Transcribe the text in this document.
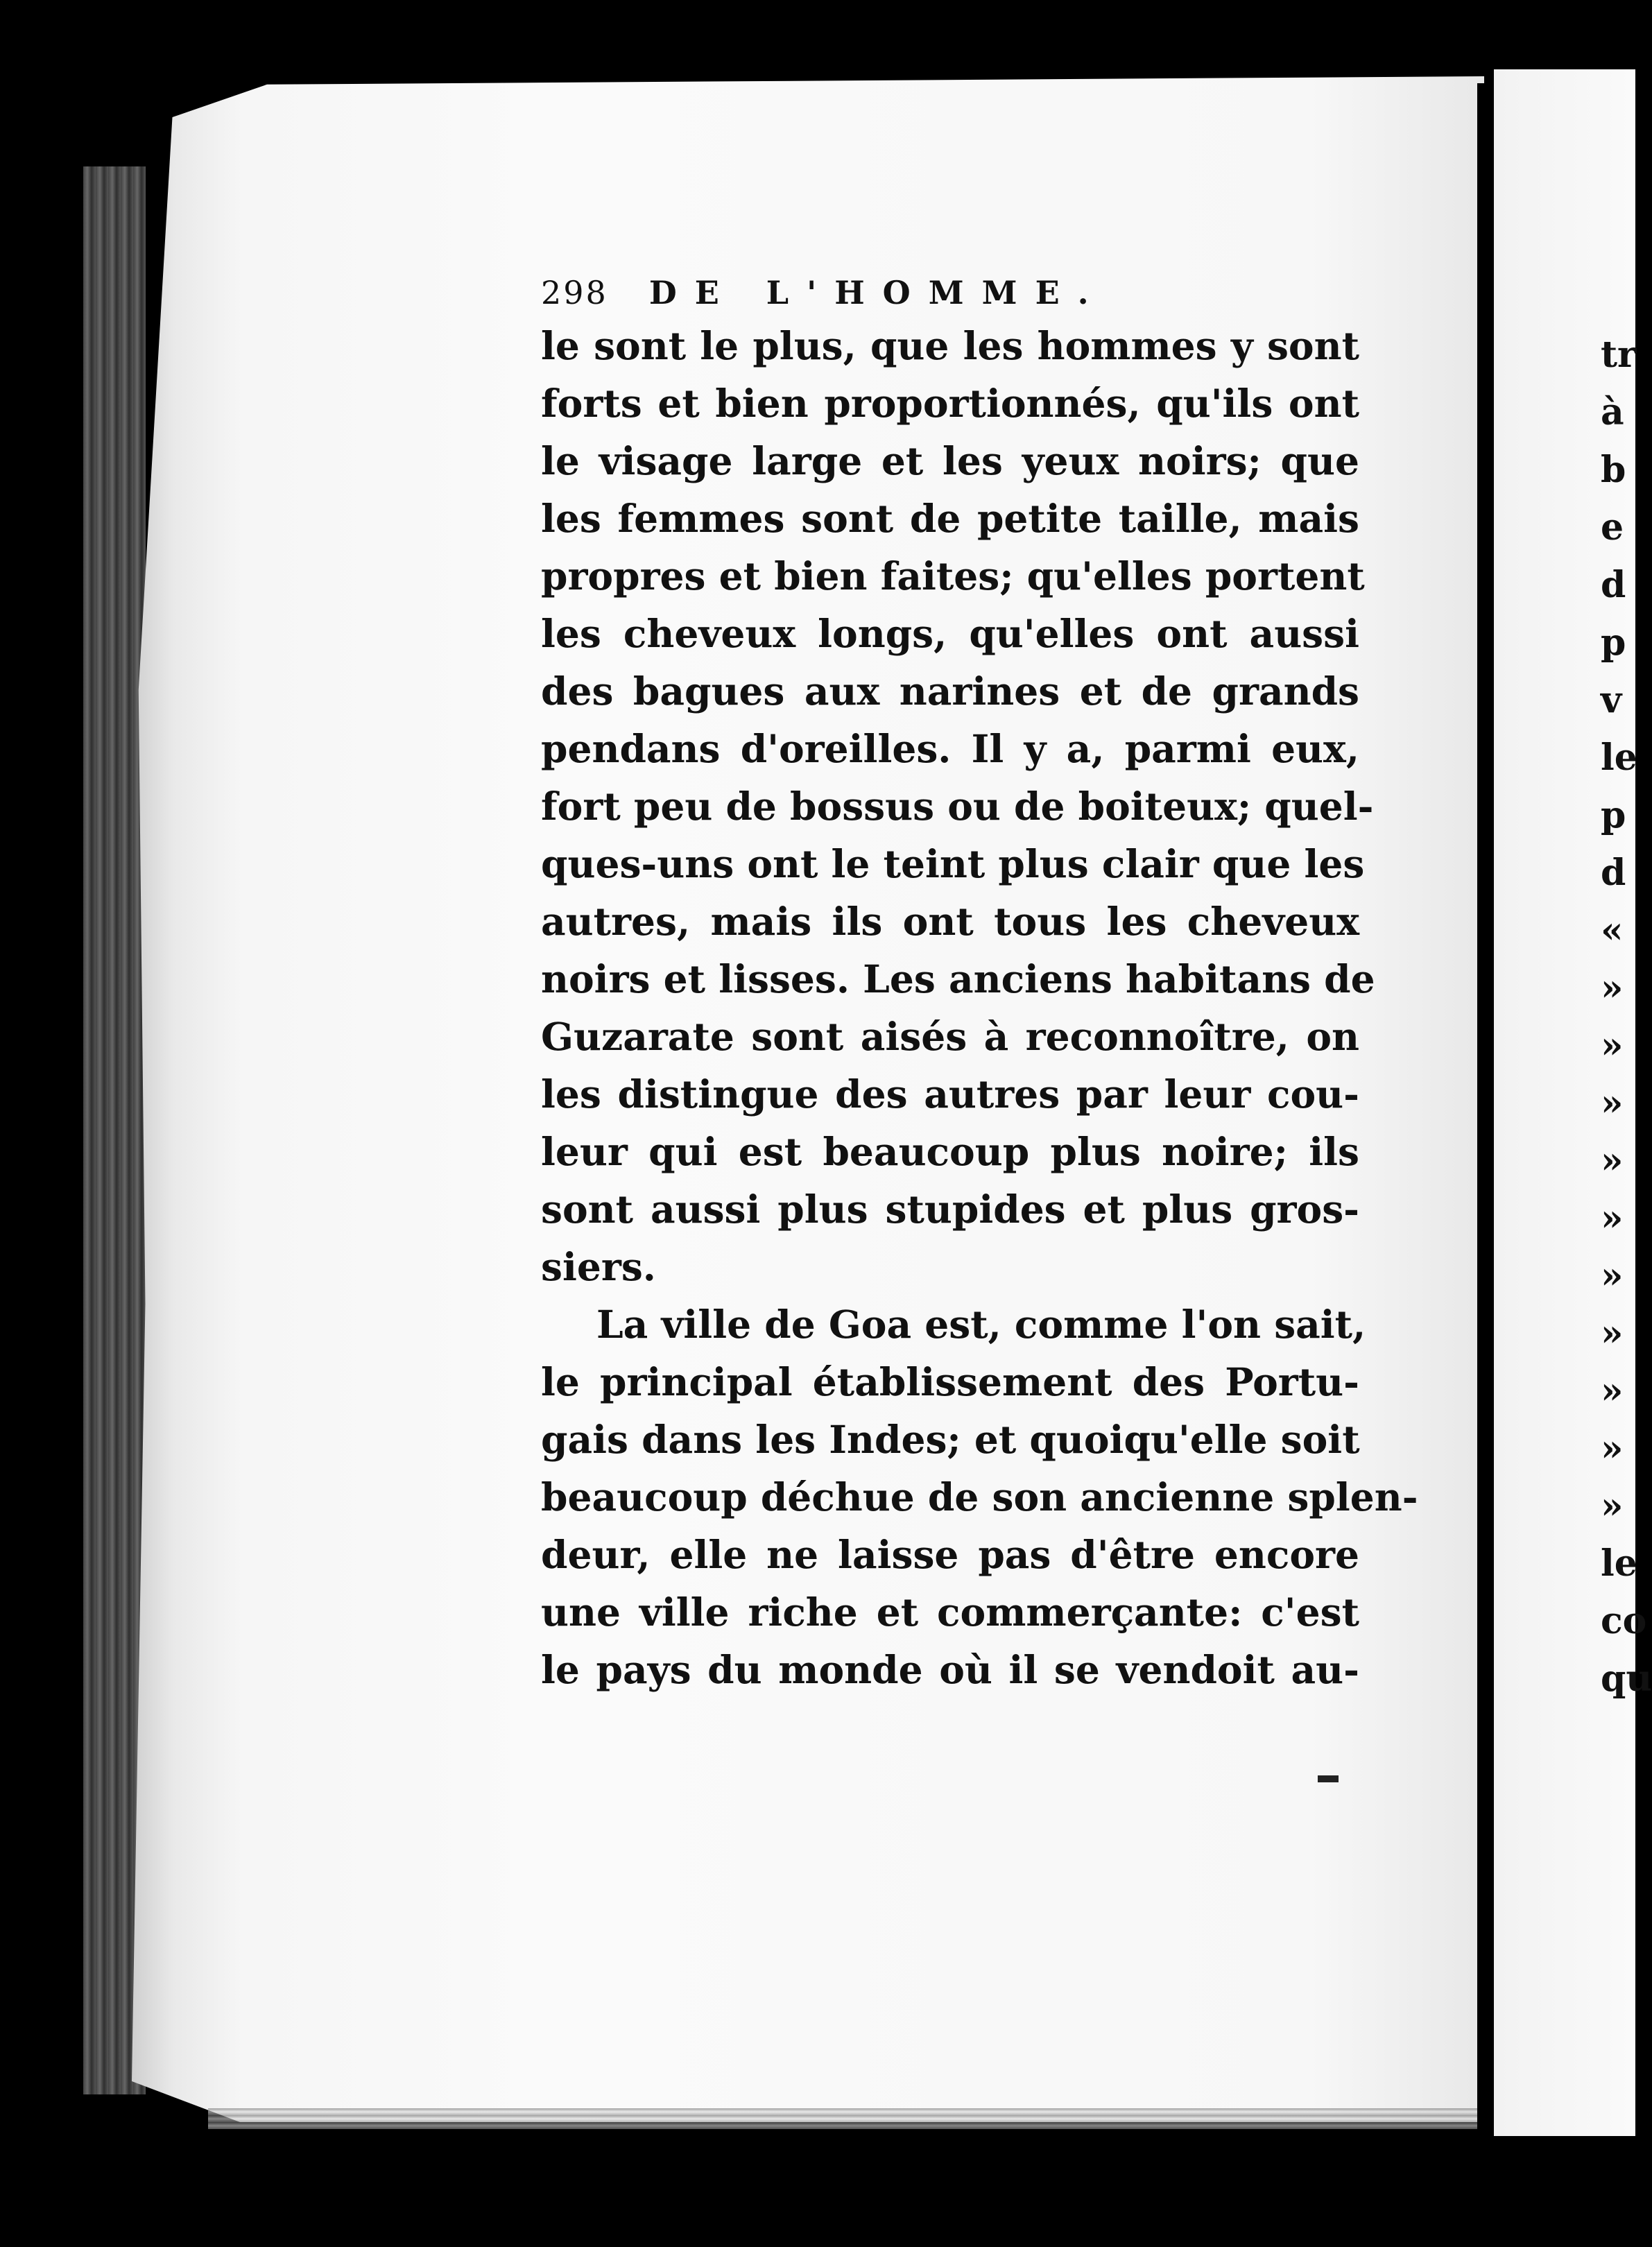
298 DE L'HOMME.
le sont le plus, que les hommes y sont
forts et bien proportionnés, qu'ils ont
le visage large et les yeux noirs; que
les femmes sont de petite taille, mais
propres et bien faites; qu'elles portent
les cheveux longs, qu'elles ont aussi
des bagues aux narines et de grands
pendans d'oreilles. Il y a, parmi eux,
fort peu de bossus ou de boiteux; quel-
ques-uns ont le teint plus clair que les
autres, mais ils ont tous les cheveux
noirs et lisses. Les anciens habitans de
Guzarate sont aisés à reconnoître, on
les distingue des autres par leur cou-
leur qui est beaucoup plus noire; ils
sont aussi plus stupides et plus gros-
siers.
La ville de Goa est, comme l'on sait,
le principal établissement des Portu-
gais dans les Indes; et quoiqu'elle soit
beaucoup déchue de son ancienne splen-
deur, elle ne laisse pas d'être encore
une ville riche et commerçante: c'est
le pays du monde où il se vendoit au-
tr
à
b
e
d
p
v
le
p
d
«
»
»
»
»
»
»
»
»
»
»
le
co
qu
